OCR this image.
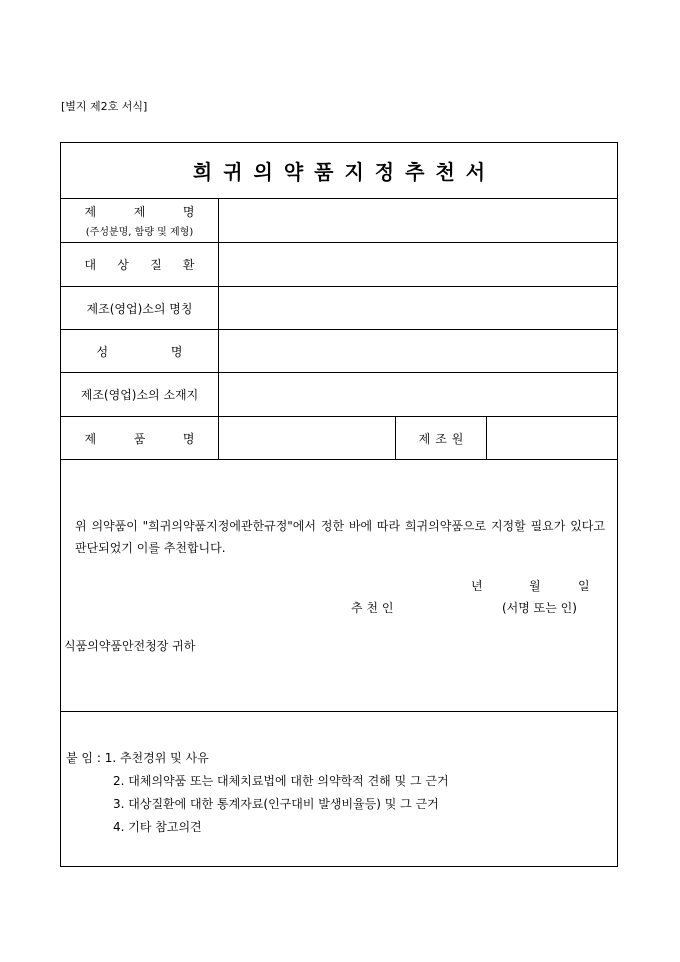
[별지 제2호 서식]
희귀의약품지정추천서
제	제	명
(주성분명, 함량 및 제형)
대 상 질 환
제조(영업)소의 명칭
성	명
제조(영업)소의 소재지
제	품	명	제조원
위 의약품이 "희귀의약품지정에관한규정"에서 정한 바에 따라 희귀의약품으로 지정할 필요가 있다고 판단되었기 이를 추천합니다.
년	월	일
추 천 인	(서명 또는 인)
식품의약품안전청장 귀하
붙 임 : 1. 추천경위 및 사유
2. 대체의약품 또는 대체치료법에 대한 의약학적 견해 및 그 근거
3. 대상질환에 대한 통계자료(인구대비 발생비율등) 및 그 근거
4. 기타 참고의견
